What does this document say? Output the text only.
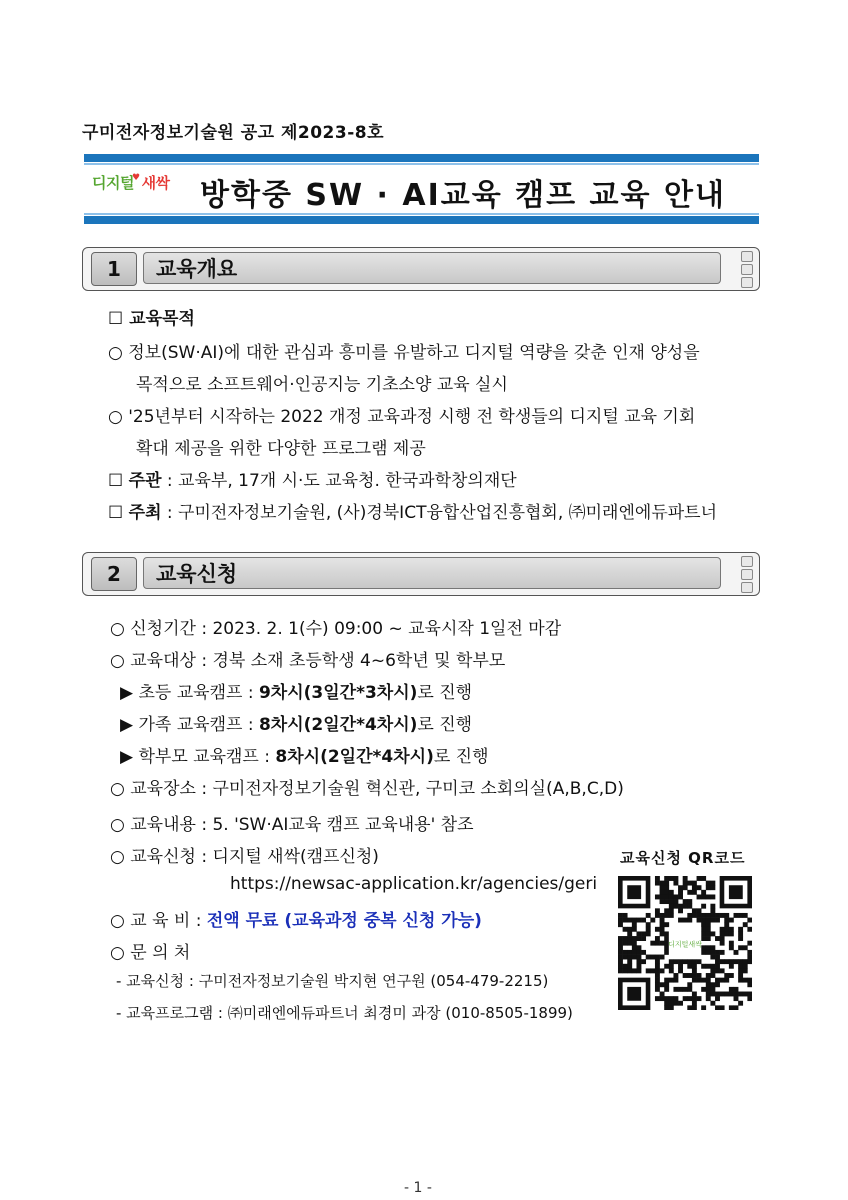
구미전자정보기술원 공고 제2023-8호
디지털♥ 새싹 방학중 SW · AI교육 캠프 교육 안내
1	교육개요
☐ 교육목적
○ 정보(SW·AI)에 대한 관심과 흥미를 유발하고 디지털 역량을 갖춘 인재 양성을
목적으로 소프트웨어·인공지능 기초소양 교육 실시
○ '25년부터 시작하는 2022 개정 교육과정 시행 전 학생들의 디지털 교육 기회
확대 제공을 위한 다양한 프로그램 제공
☐ 주관 : 교육부, 17개 시·도 교육청. 한국과학창의재단
☐ 주최 : 구미전자정보기술원, (사)경북ICT융합산업진흥협회, ㈜미래엔에듀파트너
2	교육신청
○ 신청기간 : 2023. 2. 1(수) 09:00 ~ 교육시작 1일전 마감
○ 교육대상 : 경북 소재 초등학생 4~6학년 및 학부모
▶ 초등 교육캠프 : 9차시(3일간*3차시)로 진행
▶ 가족 교육캠프 : 8차시(2일간*4차시)로 진행
▶ 학부모 교육캠프 : 8차시(2일간*4차시)로 진행
○ 교육장소 : 구미전자정보기술원 혁신관, 구미코 소회의실(A,B,C,D)
○ 교육내용 : 5. 'SW·AI교육 캠프 교육내용' 참조
○ 교육신청 : 디지털 새싹(캠프신청)
https://newsac-application.kr/agencies/geri
○ 교 육 비 : 전액 무료 (교육과정 중복 신청 가능)
○ 문 의 처
- 교육신청 : 구미전자정보기술원 박지현 연구원 (054-479-2215)
- 교육프로그램 : ㈜미래엔에듀파트너 최경미 과장 (010-8505-1899)
교육신청 QR코드
디지털새싹
- 1 -
